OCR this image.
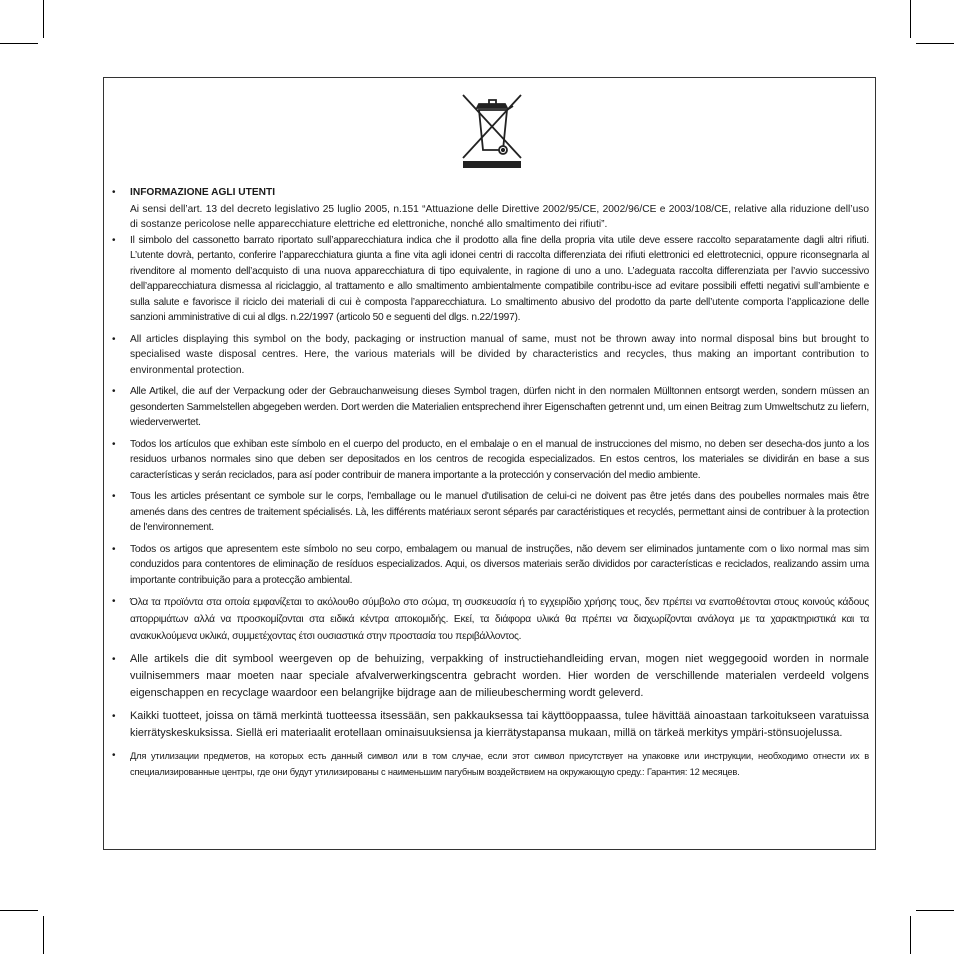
• INFORMAZIONE AGLI UTENTI
Ai sensi dell’art. 13 del decreto legislativo 25 luglio 2005, n.151 “Attuazione delle Direttive 2002/95/CE, 2002/96/CE e 2003/108/CE, relative alla riduzione dell’uso di sostanze pericolose nelle apparecchiature elettriche ed elettroniche, nonché allo smaltimento dei rifiuti”.
• Il simbolo del cassonetto barrato riportato sull’apparecchiatura indica che il prodotto alla fine della propria vita utile deve essere raccolto separatamente dagli altri rifiuti. L’utente dovrà, pertanto, conferire l’apparecchiatura giunta a fine vita agli idonei centri di raccolta differenziata dei rifiuti elettronici ed elettrotecnici, oppure riconsegnarla al rivenditore al momento dell’acquisto di una nuova apparecchiatura di tipo equivalente, in ragione di uno a uno. L’adeguata raccolta differenziata per l’avvio successivo dell’apparecchiatura dismessa al riciclaggio, al trattamento e allo smaltimento ambientalmente compatibile contribu-isce ad evitare possibili effetti negativi sull’ambiente e sulla salute e favorisce il riciclo dei materiali di cui è composta l’apparecchiatura. Lo smaltimento abusivo del prodotto da parte dell’utente comporta l’applicazione delle sanzioni amministrative di cui al dlgs. n.22/1997 (articolo 50 e seguenti del dlgs. n.22/1997).
• All articles displaying this symbol on the body, packaging or instruction manual of same, must not be thrown away into normal disposal bins but brought to specialised waste disposal centres. Here, the various materials will be divided by characteristics and recycles, thus making an important contribution to environmental protection.
• Alle Artikel, die auf der Verpackung oder der Gebrauchanweisung dieses Symbol tragen, dürfen nicht in den normalen Mülltonnen entsorgt werden, sondern müssen an gesonderten Sammelstellen abgegeben werden. Dort werden die Materialien entsprechend ihrer Eigenschaften getrennt und, um einen Beitrag zum Umweltschutz zu liefern, wiederverwertet.
• Todos los artículos que exhiban este símbolo en el cuerpo del producto, en el embalaje o en el manual de instrucciones del mismo, no deben ser desecha-dos junto a los residuos urbanos normales sino que deben ser depositados en los centros de recogida especializados. En estos centros, los materiales se dividirán en base a sus características y serán reciclados, para así poder contribuir de manera importante a la protección y conservación del medio ambiente.
• Tous les articles présentant ce symbole sur le corps, l'emballage ou le manuel d'utilisation de celui-ci ne doivent pas être jetés dans des poubelles normales mais être amenés dans des centres de traitement spécialisés. Là, les différents matériaux seront séparés par caractéristiques et recyclés, permettant ainsi de contribuer à la protection de l'environnement.
• Todos os artigos que apresentem este símbolo no seu corpo, embalagem ou manual de instruções, não devem ser eliminados juntamente com o lixo normal mas sim conduzidos para contentores de eliminação de resíduos especializados. Aqui, os diversos materiais serão divididos por características e reciclados, realizando assim uma importante contribuição para a protecção ambiental.
• Όλα τα προϊόντα στα οποία εμφανίζεται το ακόλουθο σύμβολο στο σώμα, τη συσκευασία ή το εγχειρίδιο χρήσης τους, δεν πρέπει να εναποθέτονται στους κοινούς κάδους απορριμάτων αλλά να προσκομίζονται στα ειδικά κέντρα αποκομιδής. Εκεί, τα διάφορα υλικά θα πρέπει να διαχωρίζονται ανάλογα με τα χαρακτηριστικά και τα ανακυκλούμενα υκλικά, συμμετέχοντας έτσι ουσιαστικά στην προστασία του περιβάλλοντος.
• Alle artikels die dit symbool weergeven op de behuizing, verpakking of instructiehandleiding ervan, mogen niet weggegooid worden in normale vuilnisemmers maar moeten naar speciale afvalverwerkingscentra gebracht worden. Hier worden de verschillende materialen verdeeld volgens eigenschappen en recyclage waardoor een belangrijke bijdrage aan de milieubescherming wordt geleverd.
• Kaikki tuotteet, joissa on tämä merkintä tuotteessa itsessään, sen pakkauksessa tai käyttöoppaassa, tulee hävittää ainoastaan tarkoitukseen varatuissa kierrätyskeskuksissa. Siellä eri materiaalit erotellaan ominaisuuksiensa ja kierrätystapansa mukaan, millä on tärkeä merkitys ympäri-stönsuojelussa.
• Для утилизации предметов, на которых есть данный символ или в том случае, если этот символ присутствует на упаковке или инструкции, необходимо отнести их в специализированные центры, где они будут утилизированы с наименьшим пагубным воздействием на окружающую среду.: Гарантия: 12 месяцев.
